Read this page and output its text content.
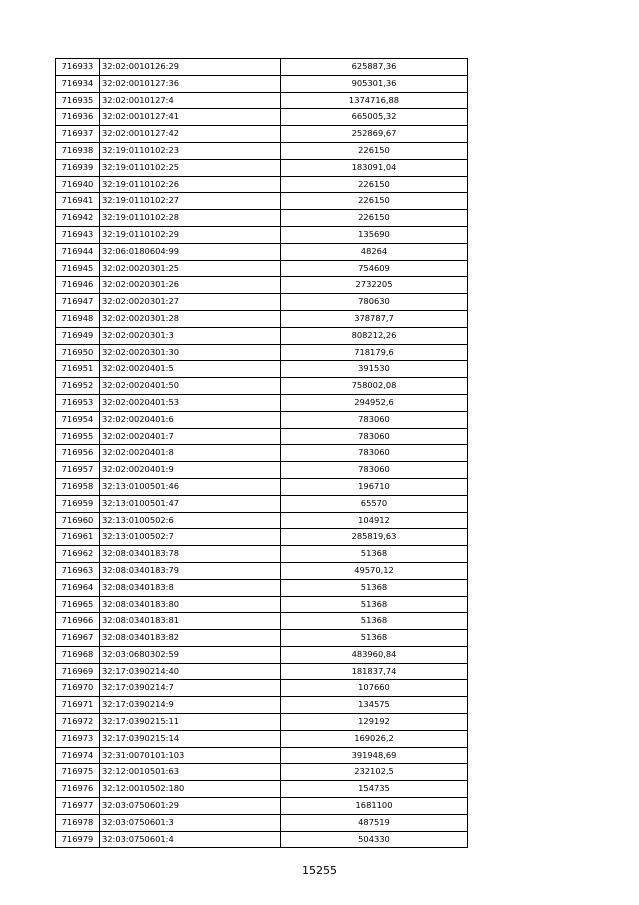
716933	32:02:0010126:29	625887,36
716934	32:02:0010127:36	905301,36
716935	32:02:0010127:4	1374716,88
716936	32:02:0010127:41	665005,32
716937	32:02:0010127:42	252869,67
716938	32:19:0110102:23	226150
716939	32:19:0110102:25	183091,04
716940	32:19:0110102:26	226150
716941	32:19:0110102:27	226150
716942	32:19:0110102:28	226150
716943	32:19:0110102:29	135690
716944	32:06:0180604:99	48264
716945	32:02:0020301:25	754609
716946	32:02:0020301:26	2732205
716947	32:02:0020301:27	780630
716948	32:02:0020301:28	378787,7
716949	32:02:0020301:3	808212,26
716950	32:02:0020301:30	718179,6
716951	32:02:0020401:5	391530
716952	32:02:0020401:50	758002,08
716953	32:02:0020401:53	294952,6
716954	32:02:0020401:6	783060
716955	32:02:0020401:7	783060
716956	32:02:0020401:8	783060
716957	32:02:0020401:9	783060
716958	32:13:0100501:46	196710
716959	32:13:0100501:47	65570
716960	32:13:0100502:6	104912
716961	32:13:0100502:7	285819,63
716962	32:08:0340183:78	51368
716963	32:08:0340183:79	49570,12
716964	32:08:0340183:8	51368
716965	32:08:0340183:80	51368
716966	32:08:0340183:81	51368
716967	32:08:0340183:82	51368
716968	32:03:0680302:59	483960,84
716969	32:17:0390214:40	181837,74
716970	32:17:0390214:7	107660
716971	32:17:0390214:9	134575
716972	32:17:0390215:11	129192
716973	32:17:0390215:14	169026,2
716974	32:31:0070101:103	391948,69
716975	32:12:0010501:63	232102,5
716976	32:12:0010502:180	154735
716977	32:03:0750601:29	1681100
716978	32:03:0750601:3	487519
716979	32:03:0750601:4	504330
15255
